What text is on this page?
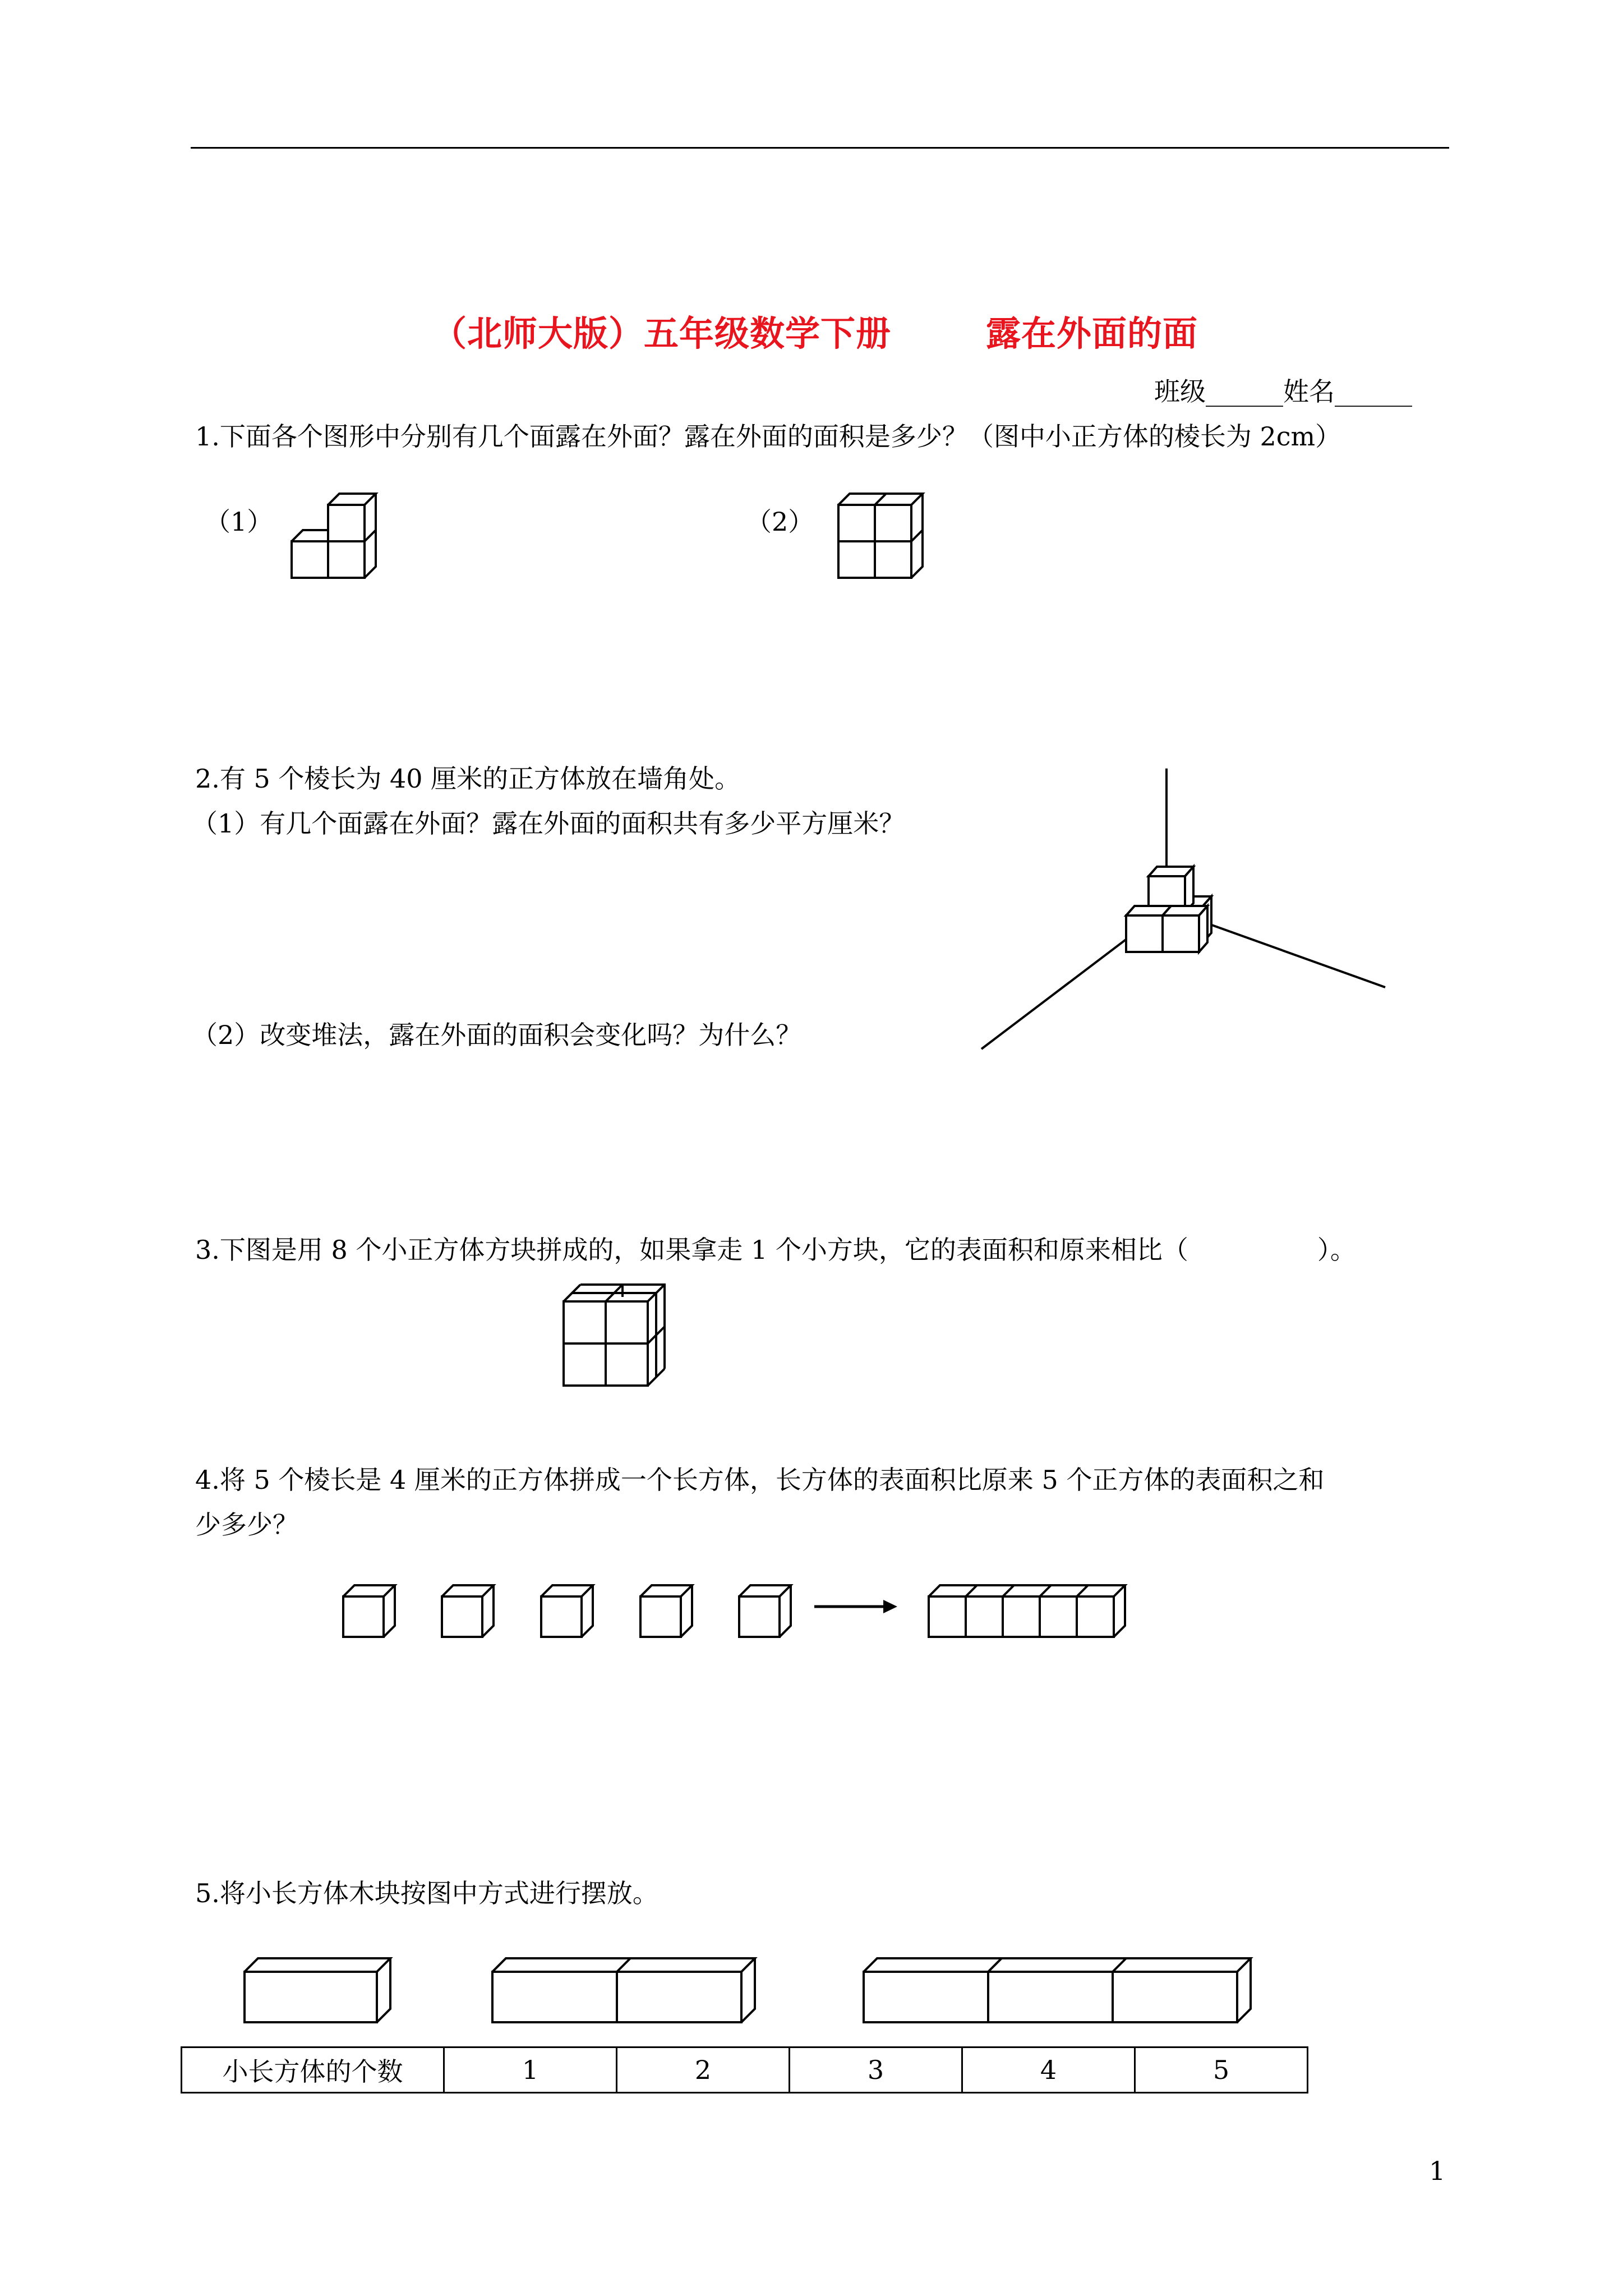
（北师大版）五年级数学下册	露在外面的面
班级______姓名______
1.下面各个图形中分别有几个面露在外面？露在外面的面积是多少？（图中小正方体的棱长为 2cm）
（1）	（2）
2.有 5 个棱长为 40 厘米的正方体放在墙角处。
（1）有几个面露在外面？露在外面的面积共有多少平方厘米？
（2）改变堆法，露在外面的面积会变化吗？为什么？
3.下图是用 8 个小正方体方块拼成的，如果拿走 1 个小方块，它的表面积和原来相比（　　　　　）。
4.将 5 个棱长是 4 厘米的正方体拼成一个长方体，长方体的表面积比原来 5 个正方体的表面积之和
少多少？
5.将小长方体木块按图中方式进行摆放。
小长方体的个数	1	2	3	4	5
1
